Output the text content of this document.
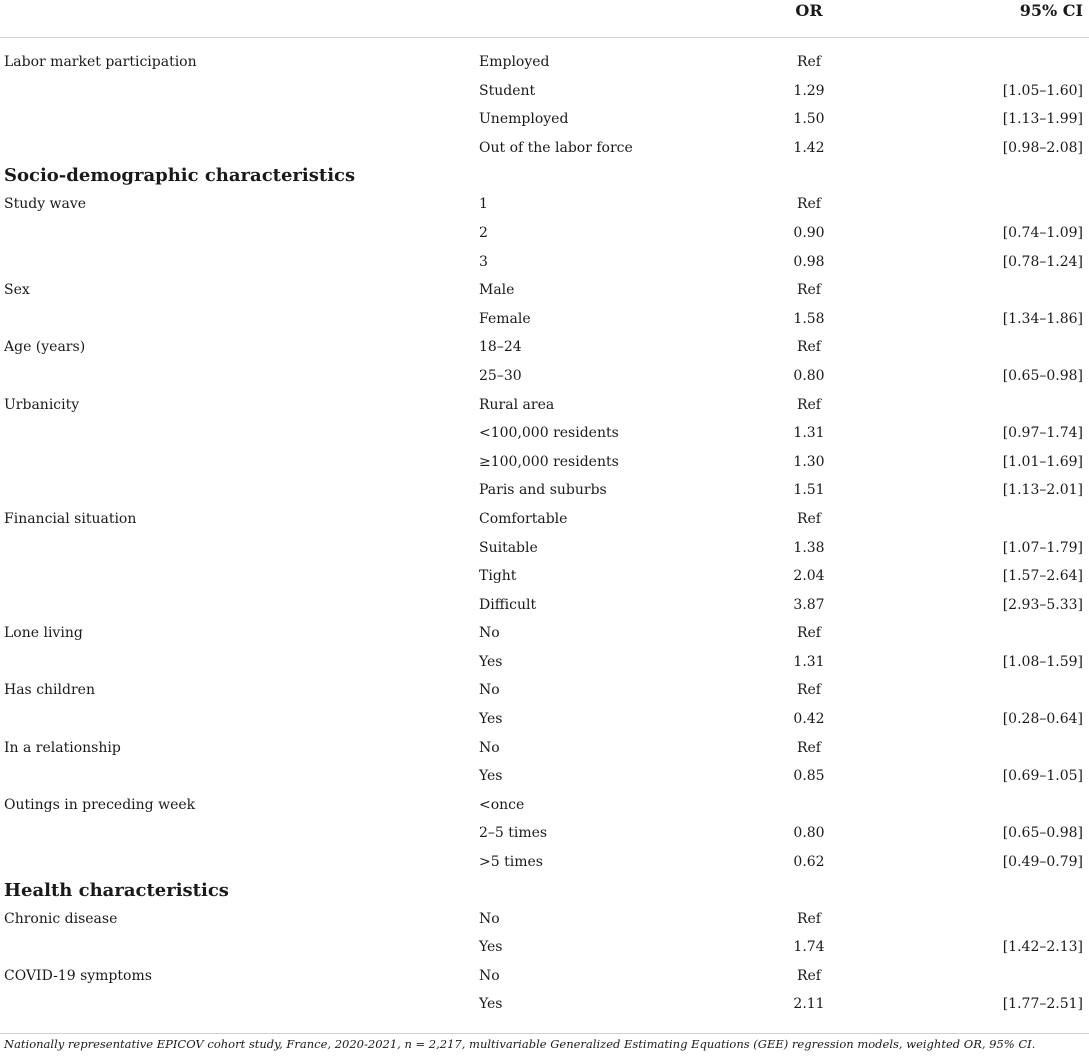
		OR	95% CI
Labor market participation	Employed	Ref	
	Student	1.29	[1.05–1.60]
	Unemployed	1.50	[1.13–1.99]
	Out of the labor force	1.42	[0.98–2.08]
Socio-demographic characteristics			
Study wave	1	Ref	
	2	0.90	[0.74–1.09]
	3	0.98	[0.78–1.24]
Sex	Male	Ref	
	Female	1.58	[1.34–1.86]
Age (years)	18–24	Ref	
	25–30	0.80	[0.65–0.98]
Urbanicity	Rural area	Ref	
	<100,000 residents	1.31	[0.97–1.74]
	≥100,000 residents	1.30	[1.01–1.69]
	Paris and suburbs	1.51	[1.13–2.01]
Financial situation	Comfortable	Ref	
	Suitable	1.38	[1.07–1.79]
	Tight	2.04	[1.57–2.64]
	Difficult	3.87	[2.93–5.33]
Lone living	No	Ref	
	Yes	1.31	[1.08–1.59]
Has children	No	Ref	
	Yes	0.42	[0.28–0.64]
In a relationship	No	Ref	
	Yes	0.85	[0.69–1.05]
Outings in preceding week	<once		
	2–5 times	0.80	[0.65–0.98]
	>5 times	0.62	[0.49–0.79]
Health characteristics			
Chronic disease	No	Ref	
	Yes	1.74	[1.42–2.13]
COVID-19 symptoms	No	Ref	
	Yes	2.11	[1.77–2.51]
Nationally representative EPICOV cohort study, France, 2020-2021, n = 2,217, multivariable Generalized Estimating Equations (GEE) regression models, weighted OR, 95% CI.
